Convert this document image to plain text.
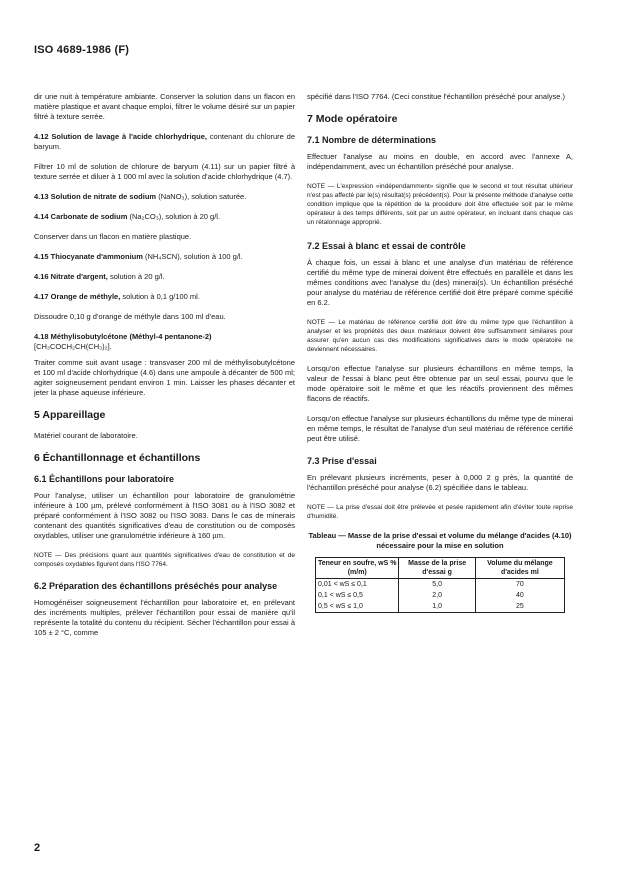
ISO 4689-1986 (F)

dir une nuit à température ambiante. Conserver la solution dans un flacon en matière plastique et avant chaque emploi, filtrer le volume désiré sur un papier filtré à texture serrée.

4.12 Solution de lavage à l'acide chlorhydrique, contenant du chlorure de baryum.

Filtrer 10 ml de solution de chlorure de baryum (4.11) sur un papier filtré à texture serrée et diluer à 1 000 ml avec la solution d'acide chlorhydrique (4.7).

4.13 Solution de nitrate de sodium (NaNO₃), solution saturée.

4.14 Carbonate de sodium (Na₂CO₃), solution à 20 g/l.

Conserver dans un flacon en matière plastique.

4.15 Thiocyanate d'ammonium (NH₄SCN), solution à 100 g/l.

4.16 Nitrate d'argent, solution à 20 g/l.

4.17 Orange de méthyle, solution à 0,1 g/100 ml.

Dissoudre 0,10 g d'orange de méthyle dans 100 ml d'eau.

4.18 Méthylisobutylcétone (Méthyl-4 pentanone-2)
[CH₃COCH₂CH(CH₃)₂].

Traiter comme suit avant usage : transvaser 200 ml de méthylisobutylcétone et 100 ml d'acide chlorhydrique (4.6) dans une ampoule à décanter de 500 ml; agiter soigneusement pendant environ 1 min. Laisser les phases décanter et jeter la phase aqueuse inférieure.

5 Appareillage

Matériel courant de laboratoire.

6 Échantillonnage et échantillons
6.1 Échantillons pour laboratoire

Pour l'analyse, utiliser un échantillon pour laboratoire de granulométrie inférieure à 100 µm, prélevé conformément à l'ISO 3081 ou à l'ISO 3082 et préparé conformément à l'ISO 3082 ou l'ISO 3083. Dans le cas de minerais contenant des quantités significatives d'eau de constitution ou de composés oxydables, utiliser une granulométrie inférieure à 160 µm.

NOTE — Des précisions quant aux quantités significatives d'eau de constitution et de composés oxydables figurent dans l'ISO 7764.

6.2 Préparation des échantillons préséchés pour analyse

Homogénéiser soigneusement l'échantillon pour laboratoire et, en prélevant des incréments multiples, prélever l'échantillon pour essai de manière qu'il représente la totalité du contenu du récipient. Sécher l'échantillon pour essai à 105 ± 2 °C, comme

spécifié dans l'ISO 7764. (Ceci constitue l'échantillon préséché pour analyse.)

7 Mode opératoire
7.1 Nombre de déterminations

Effectuer l'analyse au moins en double, en accord avec l'annexe A, indépendamment, avec un échantillon préséché pour analyse.

NOTE — L'expression «indépendamment» signifie que le second et tout résultat ultérieur n'est pas affecté par le(s) résultat(s) précédent(s). Pour la présente méthode d'analyse cette condition implique que la répétition de la procédure doit être effectuée soit par le même opérateur à des temps différents, soit par un autre opérateur, en incluant dans chaque cas un rétalonnage approprié.

7.2 Essai à blanc et essai de contrôle

À chaque fois, un essai à blanc et une analyse d'un matériau de référence certifié du même type de minerai doivent être effectués en parallèle et dans les mêmes conditions avec l'analyse du (des) minerai(s). Un échantillon préséché pour analyse du matériau de référence certifié doit être préparé comme spécifié en 6.2.

NOTE — Le matériau de référence certifié doit être du même type que l'échantillon à analyser et les propriétés des deux matériaux doivent être suffisamment similaires pour assurer qu'en aucun cas des modifications significatives dans le mode opératoire ne deviennent nécessaires.

Lorsqu'on effectue l'analyse sur plusieurs échantillons en même temps, la valeur de l'essai à blanc peut être obtenue par un seul essai, pourvu que le mode opératoire soit le même et que les réactifs proviennent des mêmes flacons de réactifs.

Lorsqu'on effectue l'analyse sur plusieurs échantillons du même type de minerai en même temps, le résultat de l'analyse d'un seul matériau de référence certifié peut être utilisé.

7.3 Prise d'essai

En prélevant plusieurs incréments, peser à 0,000 2 g près, la quantité de l'échantillon préséché pour analyse (6.2) spécifiée dans le tableau.

NOTE — La prise d'essai doit être prélevée et pesée rapidement afin d'éviter toute reprise d'humidité.

Tableau — Masse de la prise d'essai et volume du mélange d'acides (4.10) nécessaire pour la mise en solution
Teneur en soufre, wS % (m/m)	Masse de la prise d'essai g	Volume du mélange d'acides ml
0,01 < wS ≤ 0,1	5,0	70
0,1 < wS ≤ 0,5	2,0	40
0,5 < wS ≤ 1,0	1,0	25
2
